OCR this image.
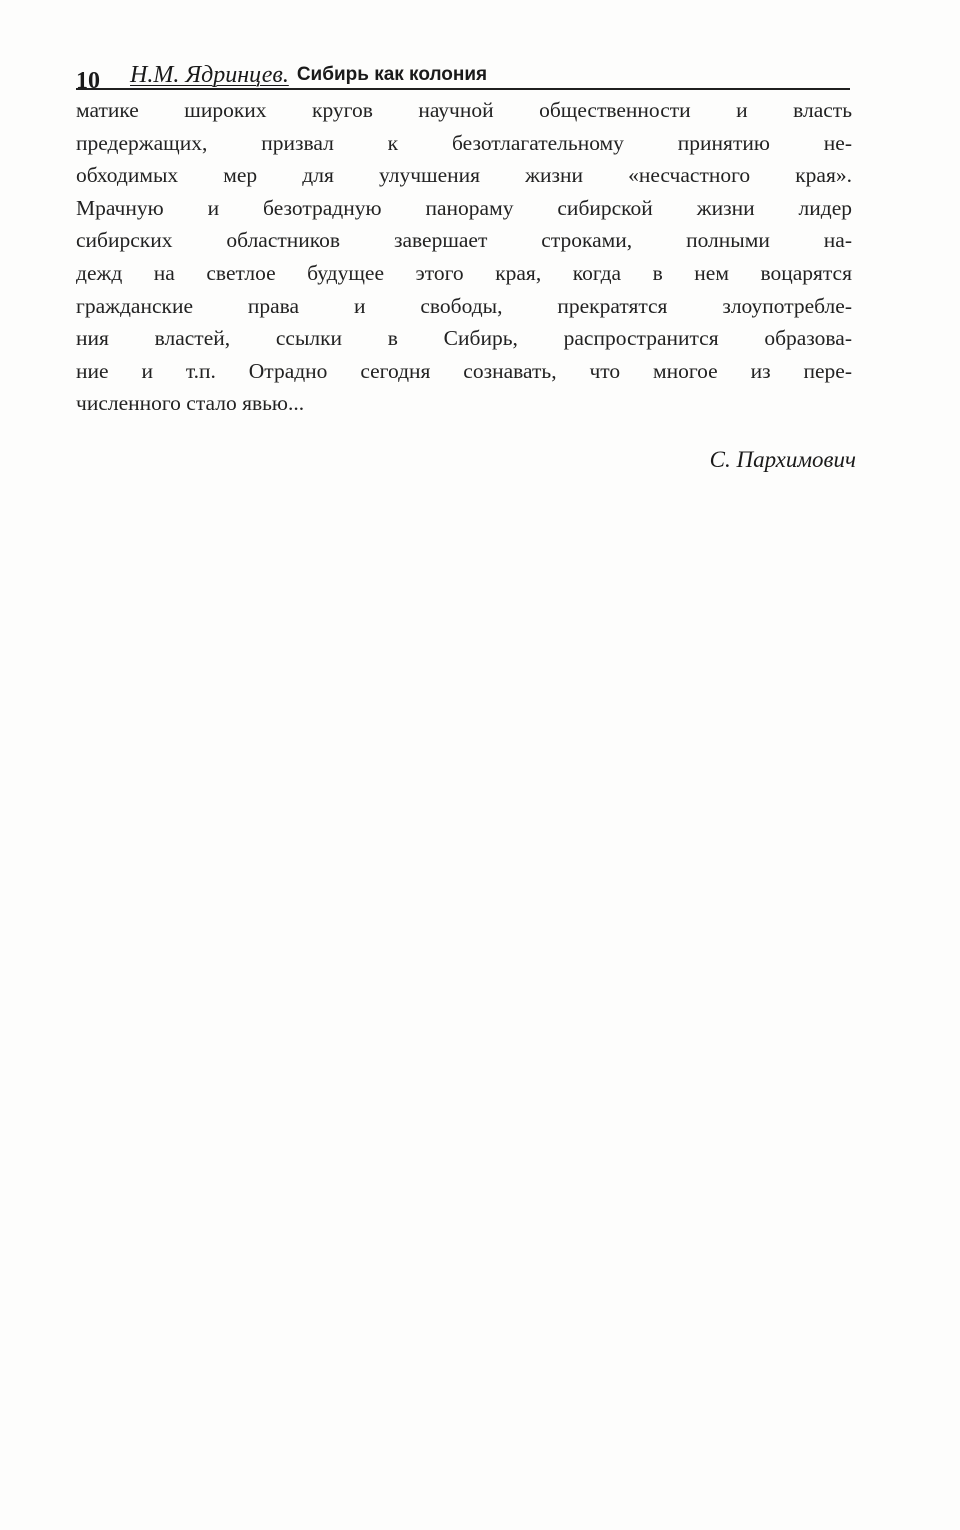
10 Н.М. Ядринцев. Сибирь как колония
матике широких кругов научной общественности и власть
предержащих, призвал к безотлагательному принятию не-
обходимых мер для улучшения жизни «несчастного края».
Мрачную и безотрадную панораму сибирской жизни лидер
сибирских областников завершает строками, полными на-
дежд на светлое будущее этого края, когда в нем воцарятся
гражданские права и свободы, прекратятся злоупотребле-
ния властей, ссылки в Сибирь, распространится образова-
ние и т.п. Отрадно сегодня сознавать, что многое из пере-
численного стало явью...
С. Пархимович
